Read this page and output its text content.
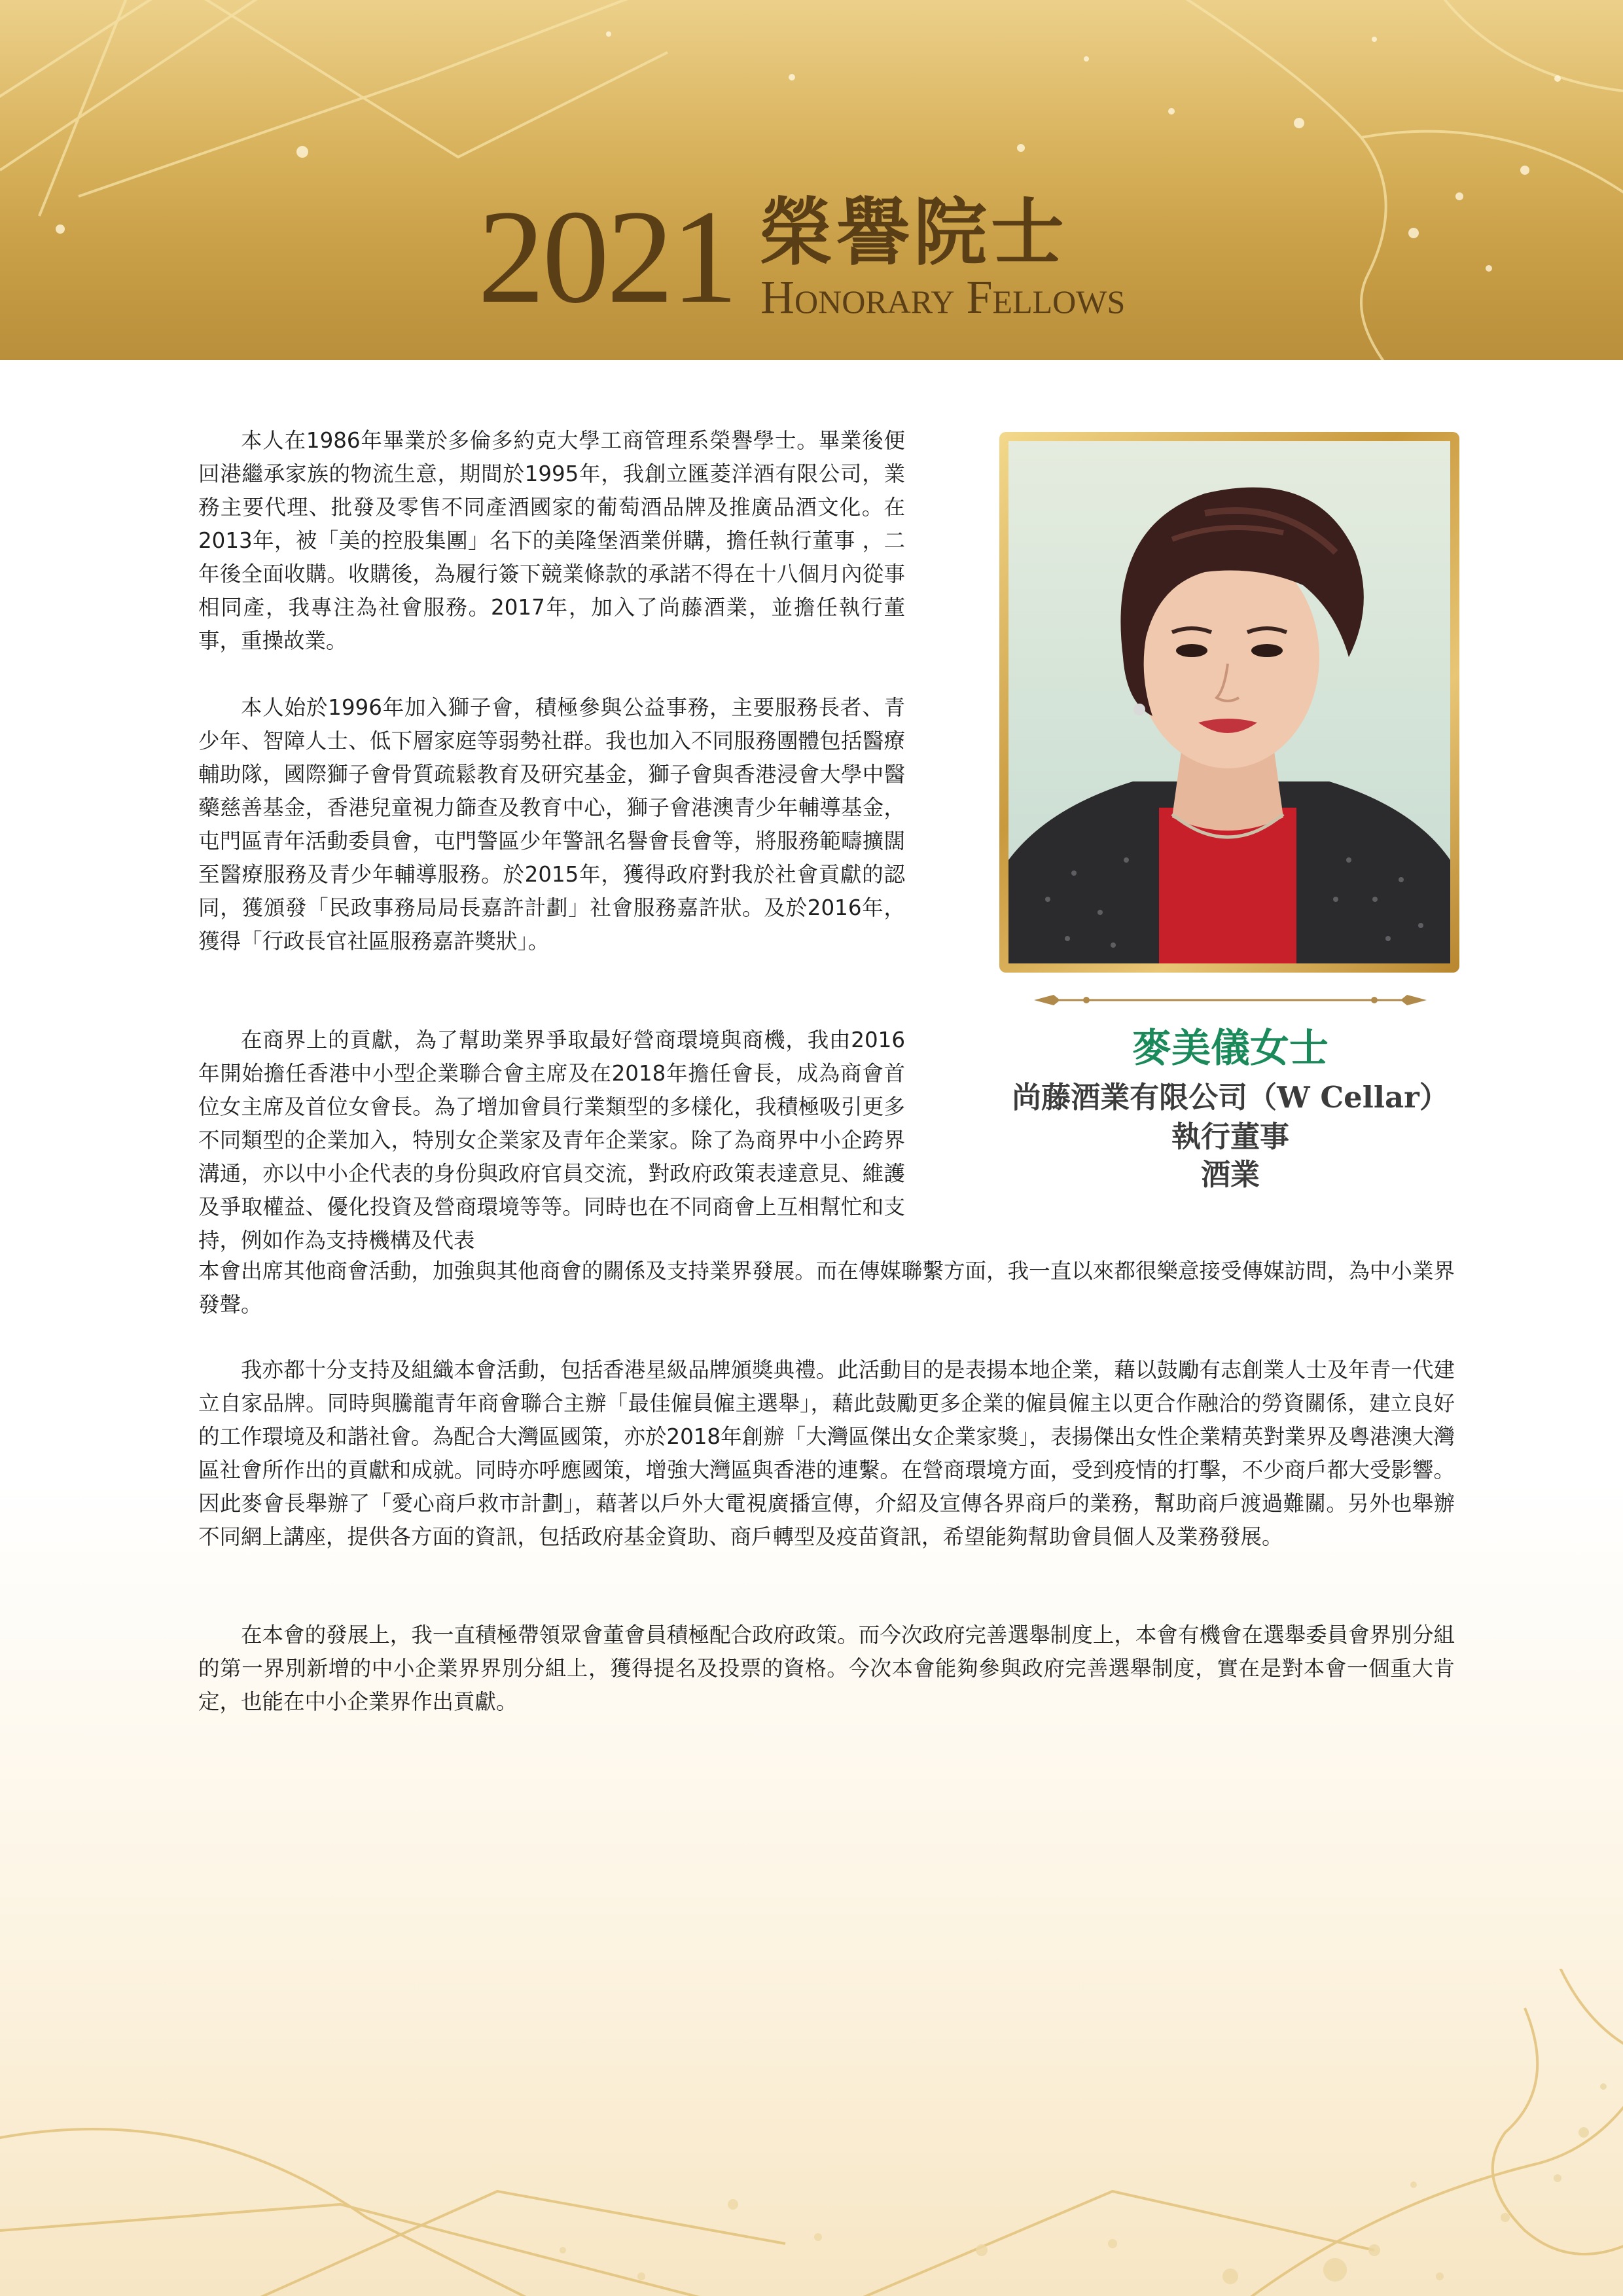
2021 榮譽院士
Honorary Fellows

麥美儀女士

尚藤酒業有限公司（W Cellar）

執行董事

酒業

本人在1986年畢業於多倫多約克大學工商管理系榮譽學士。畢業後便回港繼承家族的物流生意，期間於1995年，我創立匯菱洋酒有限公司，業務主要代理、批發及零售不同產酒國家的葡萄酒品牌及推廣品酒文化。在2013年，被「美的控股集團」名下的美隆堡酒業併購，擔任執行董事 ，二年後全面收購。收購後，為履行簽下競業條款的承諾不得在十八個月內從事相同產，我專注為社會服務。2017年，加入了尚藤酒業，並擔任執行董事，重操故業。

本人始於1996年加入獅子會，積極參與公益事務，主要服務長者、青少年、智障人士、低下層家庭等弱勢社群。我也加入不同服務團體包括醫療輔助隊，國際獅子會骨質疏鬆教育及研究基金，獅子會與香港浸會大學中醫藥慈善基金，香港兒童視力篩查及教育中心，獅子會港澳青少年輔導基金，屯門區青年活動委員會，屯門警區少年警訊名譽會長會等，將服務範疇擴闊至醫療服務及青少年輔導服務。於2015年，獲得政府對我於社會貢獻的認同，獲頒發「民政事務局局長嘉許計劃」社會服務嘉許狀。及於2016年，獲得「行政長官社區服務嘉許獎狀」。

在商界上的貢獻，為了幫助業界爭取最好營商環境與商機，我由2016年開始擔任香港中小型企業聯合會主席及在2018年擔任會長，成為商會首位女主席及首位女會長。為了增加會員行業類型的多樣化，我積極吸引更多不同類型的企業加入，特別女企業家及青年企業家。除了為商界中小企跨界溝通，亦以中小企代表的身份與政府官員交流，對政府政策表達意見、維護及爭取權益、優化投資及營商環境等等。同時也在不同商會上互相幫忙和支持，例如作為支持機構及代表

本會出席其他商會活動，加強與其他商會的關係及支持業界發展。而在傳媒聯繫方面，我一直以來都很樂意接受傳媒訪問，為中小業界發聲。

我亦都十分支持及組織本會活動，包括香港星級品牌頒獎典禮。此活動目的是表揚本地企業，藉以鼓勵有志創業人士及年青一代建立自家品牌。同時與騰龍青年商會聯合主辦「最佳僱員僱主選舉」，藉此鼓勵更多企業的僱員僱主以更合作融洽的勞資關係，建立良好的工作環境及和諧社會。為配合大灣區國策，亦於2018年創辦「大灣區傑出女企業家獎」，表揚傑出女性企業精英對業界及粵港澳大灣區社會所作出的貢獻和成就。同時亦呼應國策，增強大灣區與香港的連繫。在營商環境方面，受到疫情的打擊，不少商戶都大受影響。因此麥會長舉辦了「愛心商戶救市計劃」，藉著以戶外大電視廣播宣傳，介紹及宣傳各界商戶的業務，幫助商戶渡過難關。另外也舉辦不同網上講座，提供各方面的資訊，包括政府基金資助、商戶轉型及疫苗資訊，希望能夠幫助會員個人及業務發展。

在本會的發展上，我一直積極帶領眾會董會員積極配合政府政策。而今次政府完善選舉制度上，本會有機會在選舉委員會界別分組的第一界別新增的中小企業界界別分組上，獲得提名及投票的資格。今次本會能夠參與政府完善選舉制度，實在是對本會一個重大肯定，也能在中小企業界作出貢獻。
